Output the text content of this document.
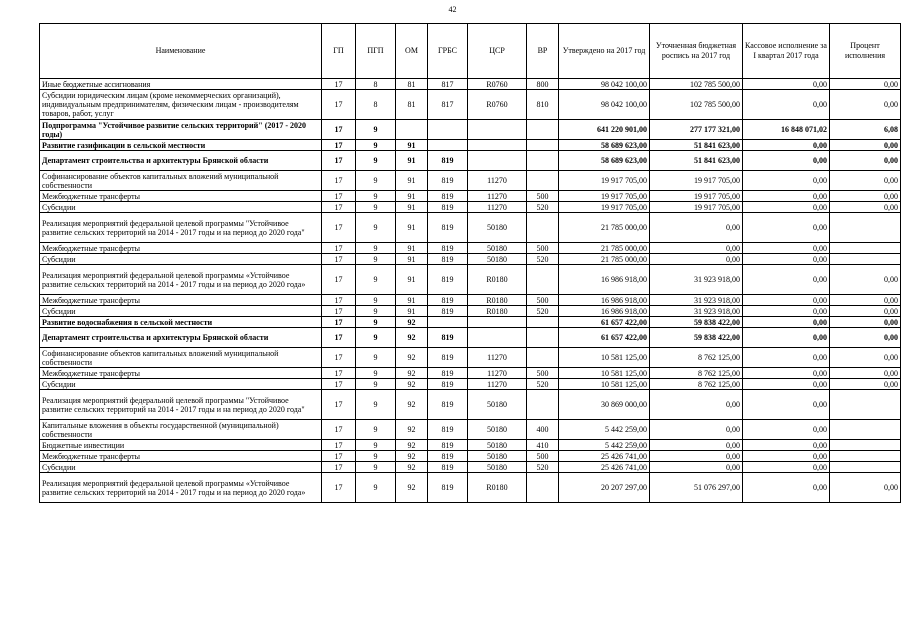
42
Наименование	ГП	ПГП	ОМ	ГРБС	ЦСР	ВР	Утверждено на 2017 год	Уточненная бюджетная роспись на 2017 год	Кассовое исполнение за I квартал 2017 года	Процент исполнения
Иные бюджетные ассигнования	17	8	81	817	R0760	800	98 042 100,00	102 785 500,00	0,00	0,00
Субсидии юридическим лицам (кроме некоммерческих организаций), индивидуальным предпринимателям, физическим лицам - производителям товаров, работ, услуг	17	8	81	817	R0760	810	98 042 100,00	102 785 500,00	0,00	0,00
Подпрограмма "Устойчивое развитие сельских территорий" (2017 - 2020 годы)	17	9					641 220 901,00	277 177 321,00	16 848 071,02	6,08
Развитие газификации в сельской местности	17	9	91				58 689 623,00	51 841 623,00	0,00	0,00
Департамент строительства и архитектуры Брянской области	17	9	91	819			58 689 623,00	51 841 623,00	0,00	0,00
Софинансирование объектов капитальных вложений муниципальной собственности	17	9	91	819	11270		19 917 705,00	19 917 705,00	0,00	0,00
Межбюджетные трансферты	17	9	91	819	11270	500	19 917 705,00	19 917 705,00	0,00	0,00
Субсидии	17	9	91	819	11270	520	19 917 705,00	19 917 705,00	0,00	0,00
Реализация мероприятий федеральной целевой программы "Устойчивое развитие сельских территорий на 2014 - 2017 годы и на период до 2020 года"	17	9	91	819	50180		21 785 000,00	0,00	0,00	
Межбюджетные трансферты	17	9	91	819	50180	500	21 785 000,00	0,00	0,00	
Субсидии	17	9	91	819	50180	520	21 785 000,00	0,00	0,00	
Реализация мероприятий федеральной целевой программы «Устойчивое развитие сельских территорий на 2014 - 2017 годы и на период до 2020 года»	17	9	91	819	R0180		16 986 918,00	31 923 918,00	0,00	0,00
Межбюджетные трансферты	17	9	91	819	R0180	500	16 986 918,00	31 923 918,00	0,00	0,00
Субсидии	17	9	91	819	R0180	520	16 986 918,00	31 923 918,00	0,00	0,00
Развитие водоснабжения в сельской местности	17	9	92				61 657 422,00	59 838 422,00	0,00	0,00
Департамент строительства и архитектуры Брянской области	17	9	92	819			61 657 422,00	59 838 422,00	0,00	0,00
Софинансирование объектов капитальных вложений муниципальной собственности	17	9	92	819	11270		10 581 125,00	8 762 125,00	0,00	0,00
Межбюджетные трансферты	17	9	92	819	11270	500	10 581 125,00	8 762 125,00	0,00	0,00
Субсидии	17	9	92	819	11270	520	10 581 125,00	8 762 125,00	0,00	0,00
Реализация мероприятий федеральной целевой программы "Устойчивое развитие сельских территорий на 2014 - 2017 годы и на период до 2020 года"	17	9	92	819	50180		30 869 000,00	0,00	0,00	
Капитальные вложения в объекты государственной (муниципальной) собственности	17	9	92	819	50180	400	5 442 259,00	0,00	0,00	
Бюджетные инвестиции	17	9	92	819	50180	410	5 442 259,00	0,00	0,00	
Межбюджетные трансферты	17	9	92	819	50180	500	25 426 741,00	0,00	0,00	
Субсидии	17	9	92	819	50180	520	25 426 741,00	0,00	0,00	
Реализация мероприятий федеральной целевой программы «Устойчивое развитие сельских территорий на 2014 - 2017 годы и на период до 2020 года»	17	9	92	819	R0180		20 207 297,00	51 076 297,00	0,00	0,00
